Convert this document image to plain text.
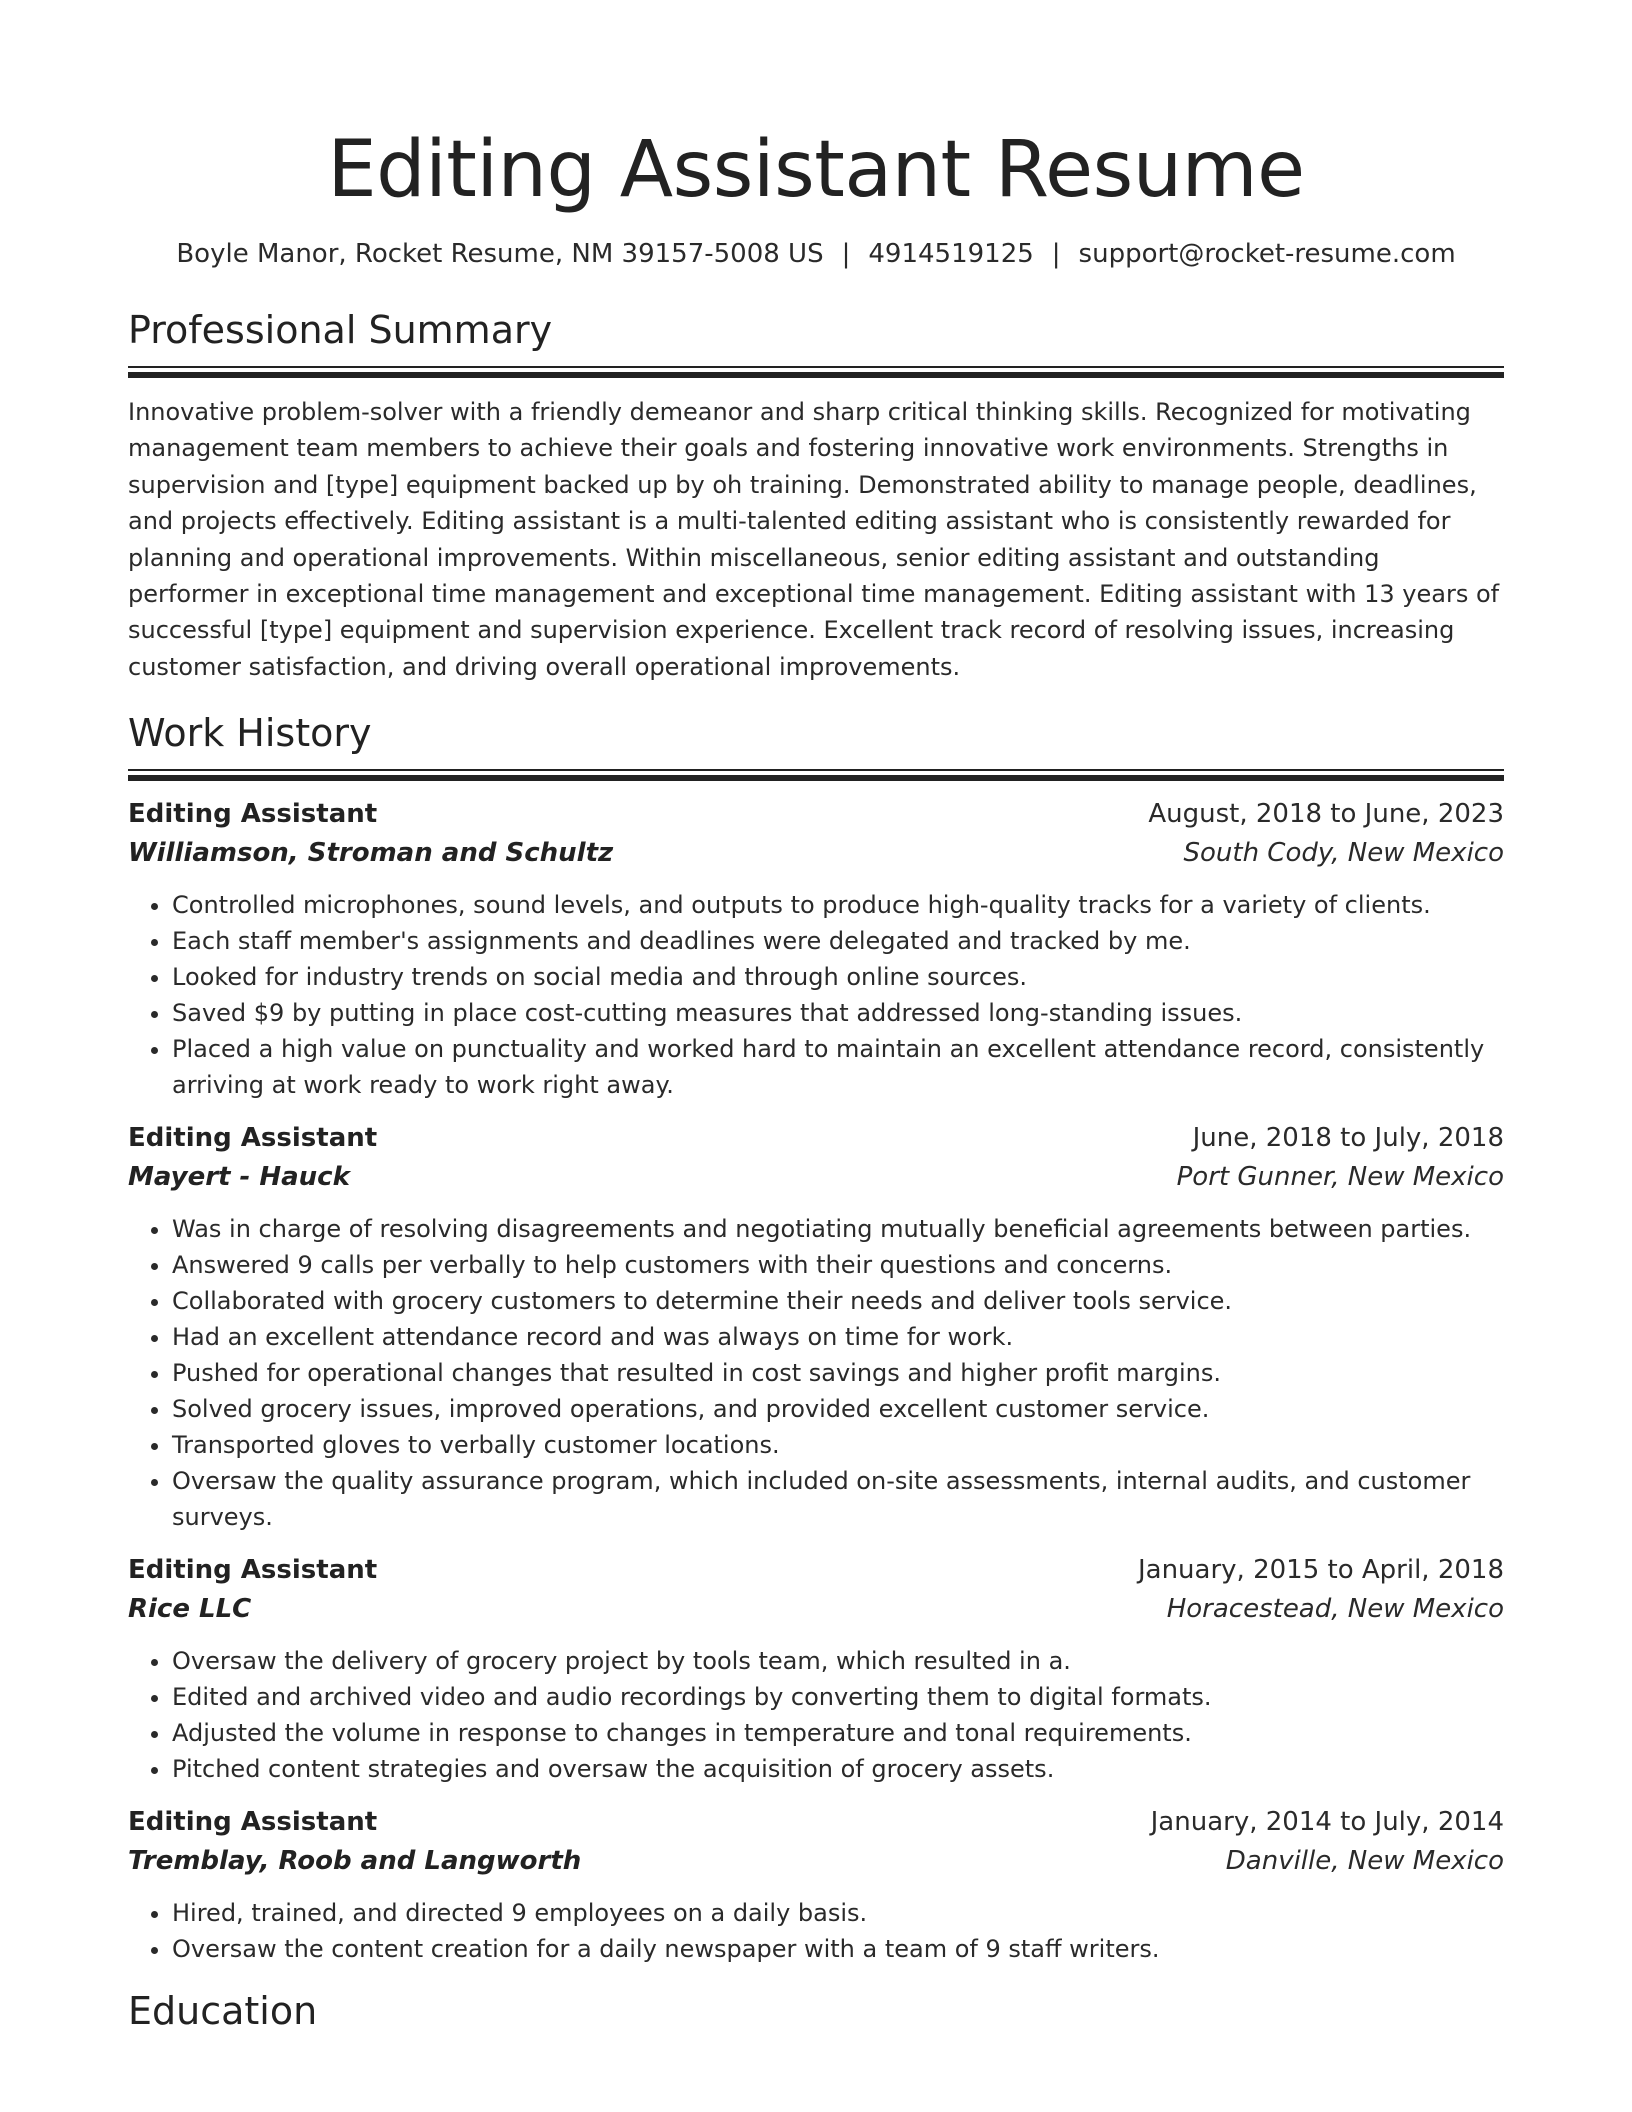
Editing Assistant Resume
Boyle Manor, Rocket Resume, NM 39157-5008 US | 4914519125 | support@rocket-resume.com
Professional Summary

Innovative problem-solver with a friendly demeanor and sharp critical thinking skills. Recognized for motivating management team members to achieve their goals and fostering innovative work environments. Strengths in supervision and [type] equipment backed up by oh training. Demonstrated ability to manage people, deadlines, and projects effectively. Editing assistant is a multi-talented editing assistant who is consistently rewarded for planning and operational improvements. Within miscellaneous, senior editing assistant and outstanding performer in exceptional time management and exceptional time management. Editing assistant with 13 years of successful [type] equipment and supervision experience. Excellent track record of resolving issues, increasing customer satisfaction, and driving overall operational improvements.

Work History
Editing Assistant	August, 2018 to June, 2023
Williamson, Stroman and Schultz	South Cody, New Mexico
• Controlled microphones, sound levels, and outputs to produce high-quality tracks for a variety of clients.
• Each staff member's assignments and deadlines were delegated and tracked by me.
• Looked for industry trends on social media and through online sources.
• Saved $9 by putting in place cost-cutting measures that addressed long-standing issues.
• Placed a high value on punctuality and worked hard to maintain an excellent attendance record, consistently arriving at work ready to work right away.
Editing Assistant	June, 2018 to July, 2018
Mayert - Hauck	Port Gunner, New Mexico
• Was in charge of resolving disagreements and negotiating mutually beneficial agreements between parties.
• Answered 9 calls per verbally to help customers with their questions and concerns.
• Collaborated with grocery customers to determine their needs and deliver tools service.
• Had an excellent attendance record and was always on time for work.
• Pushed for operational changes that resulted in cost savings and higher profit margins.
• Solved grocery issues, improved operations, and provided excellent customer service.
• Transported gloves to verbally customer locations.
• Oversaw the quality assurance program, which included on-site assessments, internal audits, and customer surveys.
Editing Assistant	January, 2015 to April, 2018
Rice LLC	Horacestead, New Mexico
• Oversaw the delivery of grocery project by tools team, which resulted in a.
• Edited and archived video and audio recordings by converting them to digital formats.
• Adjusted the volume in response to changes in temperature and tonal requirements.
• Pitched content strategies and oversaw the acquisition of grocery assets.
Editing Assistant	January, 2014 to July, 2014
Tremblay, Roob and Langworth	Danville, New Mexico
• Hired, trained, and directed 9 employees on a daily basis.
• Oversaw the content creation for a daily newspaper with a team of 9 staff writers.
Education
